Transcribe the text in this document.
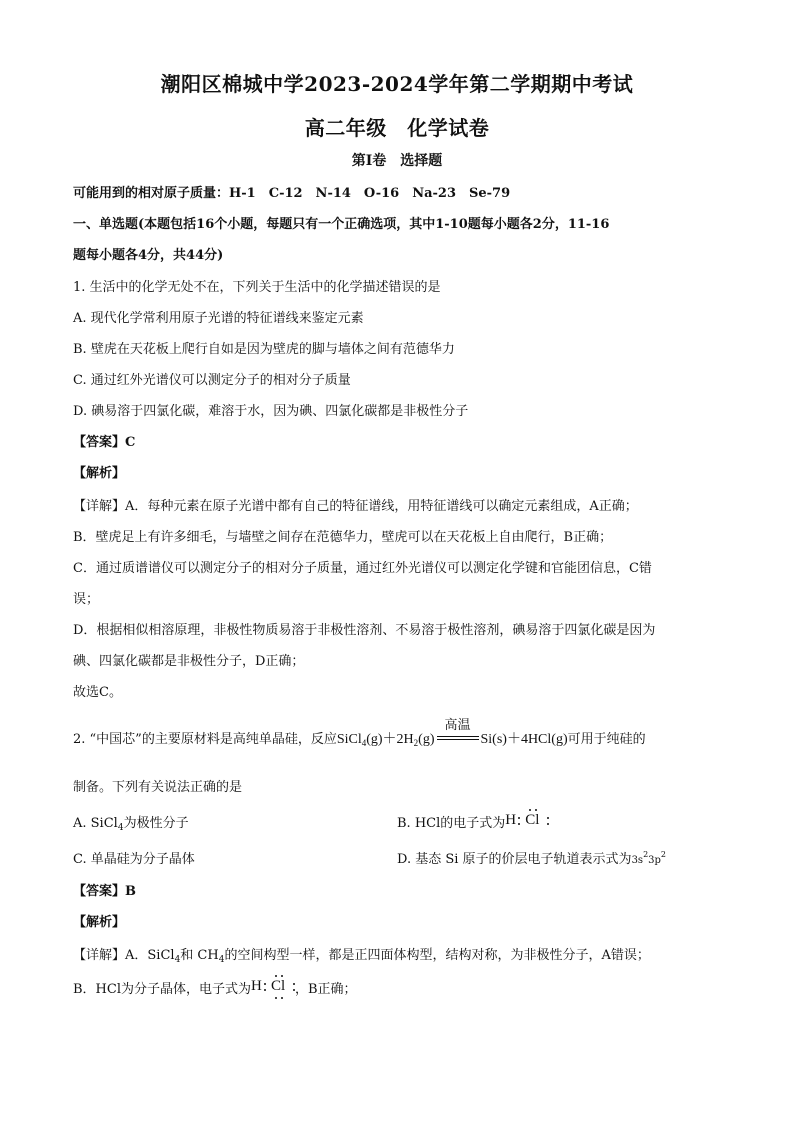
潮阳区棉城中学2023-2024学年第二学期期中考试
高二年级　化学试卷
第Ⅰ卷　选择题
可能用到的相对原子质量：H-1　C-12　N-14　O-16　Na-23　Se-79
一、单选题(本题包括16个小题，每题只有一个正确选项，其中1-10题每小题各2分，11-16
题每小题各4分，共44分)
1. 生活中的化学无处不在，下列关于生活中的化学描述错误的是
A. 现代化学常利用原子光谱的特征谱线来鉴定元素
B. 壁虎在天花板上爬行自如是因为壁虎的脚与墙体之间有范德华力
C. 通过红外光谱仪可以测定分子的相对分子质量
D. 碘易溶于四氯化碳，难溶于水，因为碘、四氯化碳都是非极性分子
【答案】C
【解析】
【详解】A．每种元素在原子光谱中都有自己的特征谱线，用特征谱线可以确定元素组成，A正确；
B．壁虎足上有许多细毛，与墙壁之间存在范德华力，壁虎可以在天花板上自由爬行，B正确；
C．通过质谱谱仪可以测定分子的相对分子质量，通过红外光谱仪可以测定化学键和官能团信息，C错
误；
D．根据相似相溶原理，非极性物质易溶于非极性溶剂、不易溶于极性溶剂，碘易溶于四氯化碳是因为
碘、四氯化碳都是非极性分子，D正确；
故选C。
2. “中国芯”的主要原材料是高纯单晶硅，反应$SiCl_4(g)+2H_2(g)$
高温
Si(s)＋4HCl(g)可用于纯硅的
制备。下列有关说法正确的是
A. SiCl$_4$为极性分子	B. HCl的电子式为 H Cl
C. 单晶硅为分子晶体	D. 基态 Si 原子的价层电子轨道表示式为$3s^23p^2$
【答案】B
【解析】
【详解】A．SiCl$_4$和 $CH_4$的空间构型一样，都是正四面体构型，结构对称，为非极性分子，A错误；
B．HCl为分子晶体，电子式为 H Cl ，B正确；
